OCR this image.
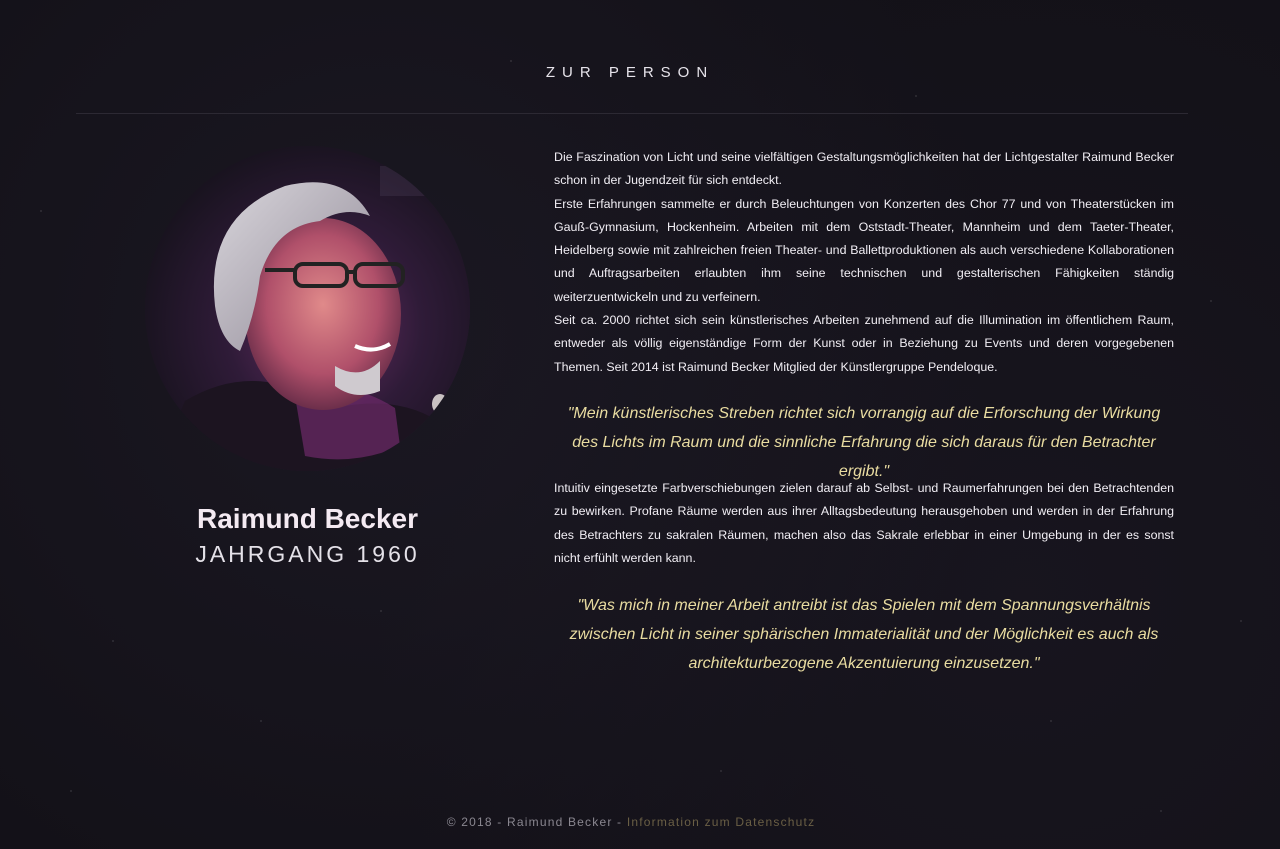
ZUR PERSON
Raimund Becker
JAHRGANG 1960

Die Faszination von Licht und seine vielfältigen Gestaltungsmöglichkeiten hat der Lichtgestalter Raimund Becker schon in der Jugendzeit für sich entdeckt.

Erste Erfahrungen sammelte er durch Beleuchtungen von Konzerten des Chor 77 und von Theaterstücken im Gauß-Gymnasium, Hockenheim. Arbeiten mit dem Oststadt-Theater, Mannheim und dem Taeter-Theater, Heidelberg sowie mit zahlreichen freien Theater- und Ballettproduktionen als auch verschiedene Kollaborationen und Auftragsarbeiten erlaubten ihm seine technischen und gestalterischen Fähigkeiten ständig weiterzuentwickeln und zu verfeinern.

Seit ca. 2000 richtet sich sein künstlerisches Arbeiten zunehmend auf die Illumination im öffentlichem Raum, entweder als völlig eigenständige Form der Kunst oder in Beziehung zu Events und deren vorgegebenen Themen. Seit 2014 ist Raimund Becker Mitglied der Künstlergruppe Pendeloque.

"Mein künstlerisches Streben richtet sich vorrangig auf die Erforschung der Wirkung des Lichts im Raum und die sinnliche Erfahrung die sich daraus für den Betrachter ergibt."

Intuitiv eingesetzte Farbverschiebungen zielen darauf ab Selbst- und Raumerfahrungen bei den Betrachtenden zu bewirken. Profane Räume werden aus ihrer Alltagsbedeutung herausgehoben und werden in der Erfahrung des Betrachters zu sakralen Räumen, machen also das Sakrale erlebbar in einer Umgebung in der es sonst nicht erfühlt werden kann.

"Was mich in meiner Arbeit antreibt ist das Spielen mit dem Spannungsverhältnis zwischen Licht in seiner sphärischen Immaterialität und der Möglichkeit es auch als architekturbezogene Akzentuierung einzusetzen."
© 2018 - Raimund Becker - Information zum Datenschutz
